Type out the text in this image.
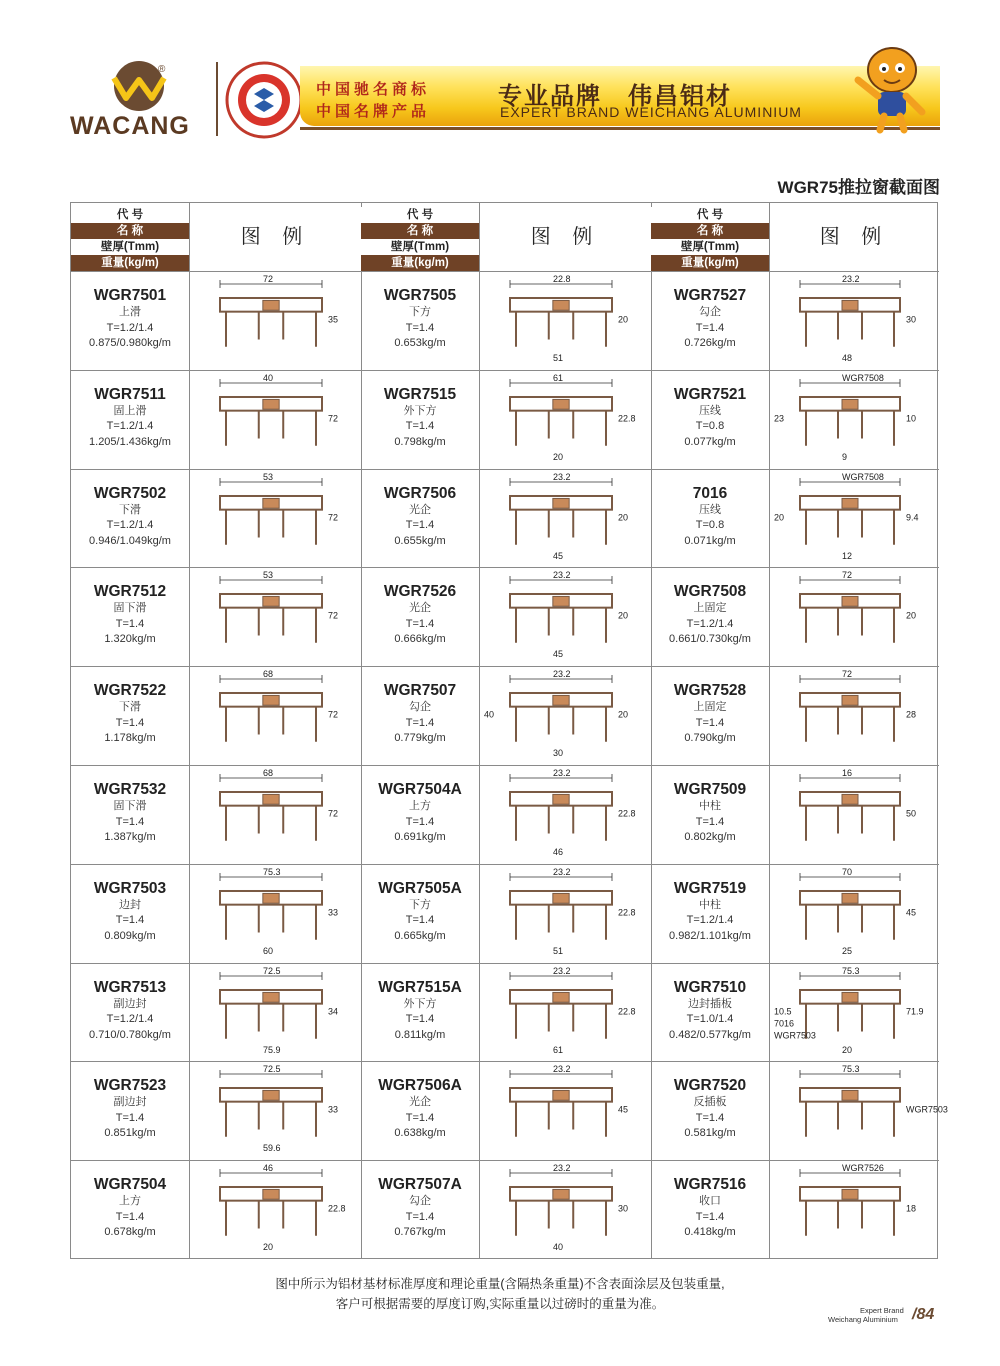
®
WACANG
中国驰名商标
中国名牌产品
专业品牌　伟昌铝材
EXPERT BRAND WEICHANG ALUMINIUM
WGR75推拉窗截面图
代 号
名 称
壁厚(Tmm)
重量(kg/m)
图 例
WGR7501
上滑
T=1.2/1.4
0.875/0.980kg/m
72
35
WGR7511
固上滑
T=1.2/1.4
1.205/1.436kg/m
40
72
WGR7502
下滑
T=1.2/1.4
0.946/1.049kg/m
53
72
WGR7512
固下滑
T=1.4
1.320kg/m
53
72
WGR7522
下滑
T=1.4
1.178kg/m
68
72
WGR7532
固下滑
T=1.4
1.387kg/m
68
72
WGR7503
边封
T=1.4
0.809kg/m
75.3
33
60
WGR7513
副边封
T=1.2/1.4
0.710/0.780kg/m
72.5
34
75.9
WGR7523
副边封
T=1.4
0.851kg/m
72.5
33
59.6
WGR7504
上方
T=1.4
0.678kg/m
46
22.8
20
代 号
名 称
壁厚(Tmm)
重量(kg/m)
图 例
WGR7505
下方
T=1.4
0.653kg/m
22.8
20
51
WGR7515
外下方
T=1.4
0.798kg/m
61
22.8
20
WGR7506
光企
T=1.4
0.655kg/m
23.2
20
45
WGR7526
光企
T=1.4
0.666kg/m
23.2
20
45
WGR7507
勾企
T=1.4
0.779kg/m
23.2
20
30
40
WGR7504A
上方
T=1.4
0.691kg/m
23.2
22.8
46
WGR7505A
下方
T=1.4
0.665kg/m
23.2
22.8
51
WGR7515A
外下方
T=1.4
0.811kg/m
23.2
22.8
61
WGR7506A
光企
T=1.4
0.638kg/m
23.2
45
WGR7507A
勾企
T=1.4
0.767kg/m
23.2
30
40
代 号
名 称
壁厚(Tmm)
重量(kg/m)
图 例
WGR7527
勾企
T=1.4
0.726kg/m
23.2
30
48
WGR7521
压线
T=0.8
0.077kg/m
WGR7508
10
9
23
7016
压线
T=0.8
0.071kg/m
WGR7508
9.4
12
20
WGR7508
上固定
T=1.2/1.4
0.661/0.730kg/m
72
20
WGR7528
上固定
T=1.4
0.790kg/m
72
28
WGR7509
中柱
T=1.4
0.802kg/m
16
50
WGR7519
中柱
T=1.2/1.4
0.982/1.101kg/m
70
45
25
WGR7510
边封插板
T=1.0/1.4
0.482/0.577kg/m
75.3
71.9
20
10.5
7016
WGR7503
WGR7520
反插板
T=1.4
0.581kg/m
75.3
WGR7503
WGR7516
收口
T=1.4
0.418kg/m
WGR7526
18
图中所示为铝材基材标准厚度和理论重量(含隔热条重量)不含表面涂层及包装重量,
客户可根据需要的厚度订购,实际重量以过磅时的重量为准。	Expert Brand
Weichang Aluminium /84
